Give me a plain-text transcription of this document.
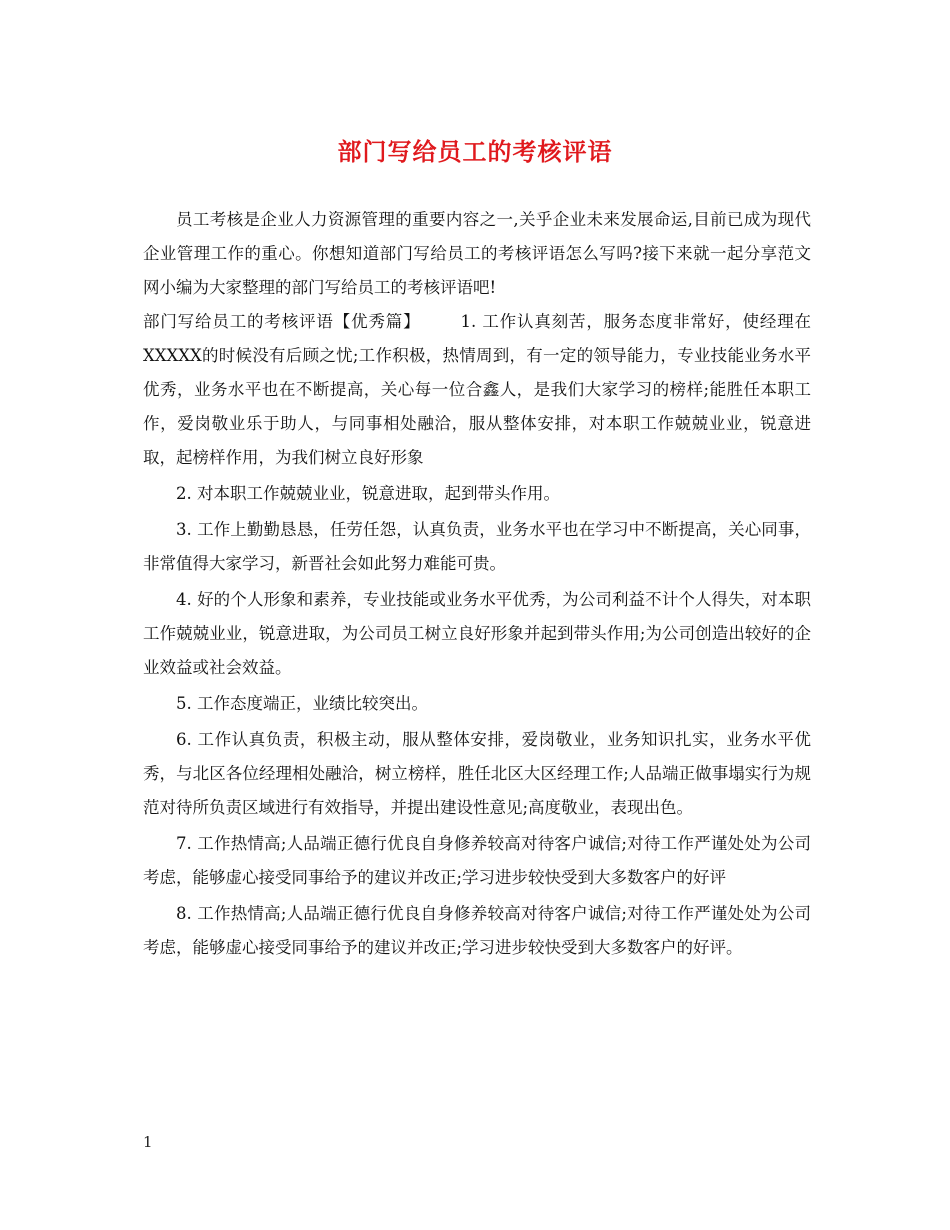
部门写给员工的考核评语

员工考核是企业人力资源管理的重要内容之一,关乎企业未来发展命运,目前已成为现代企业管理工作的重心。你想知道部门写给员工的考核评语怎么写吗?接下来就一起分享范文网小编为大家整理的部门写给员工的考核评语吧!

部门写给员工的考核评语【优秀篇】 1. 工作认真刻苦，服务态度非常好，使经理在XXXXX的时候没有后顾之忧;工作积极，热情周到，有一定的领导能力，专业技能业务水平优秀，业务水平也在不断提高，关心每一位合鑫人，是我们大家学习的榜样;能胜任本职工作，爱岗敬业乐于助人，与同事相处融洽，服从整体安排，对本职工作兢兢业业，锐意进取，起榜样作用，为我们树立良好形象

2. 对本职工作兢兢业业，锐意进取，起到带头作用。

3. 工作上勤勤恳恳，任劳任怨，认真负责，业务水平也在学习中不断提高，关心同事，非常值得大家学习，新晋社会如此努力难能可贵。

4. 好的个人形象和素养，专业技能或业务水平优秀，为公司利益不计个人得失，对本职工作兢兢业业，锐意进取，为公司员工树立良好形象并起到带头作用;为公司创造出较好的企业效益或社会效益。

5. 工作态度端正，业绩比较突出。

6. 工作认真负责，积极主动，服从整体安排，爱岗敬业，业务知识扎实，业务水平优秀，与北区各位经理相处融洽，树立榜样，胜任北区大区经理工作;人品端正做事塌实行为规范对待所负责区域进行有效指导，并提出建设性意见;高度敬业，表现出色。

7. 工作热情高;人品端正德行优良自身修养较高对待客户诚信;对待工作严谨处处为公司考虑，能够虚心接受同事给予的建议并改正;学习进步较快受到大多数客户的好评

8. 工作热情高;人品端正德行优良自身修养较高对待客户诚信;对待工作严谨处处为公司考虑，能够虚心接受同事给予的建议并改正;学习进步较快受到大多数客户的好评。

1
